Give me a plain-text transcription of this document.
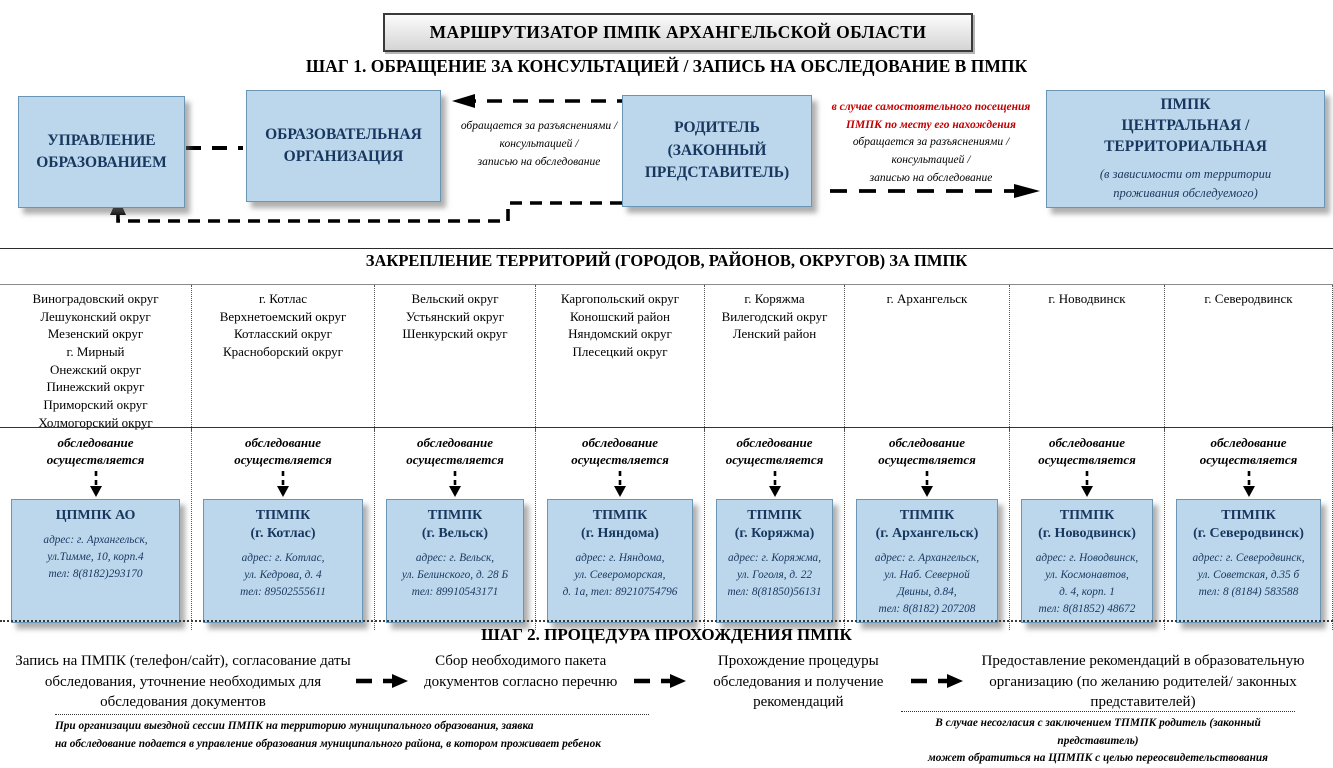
МАРШРУТИЗАТОР ПМПК АРХАНГЕЛЬСКОЙ ОБЛАСТИ
ШАГ 1. ОБРАЩЕНИЕ ЗА КОНСУЛЬТАЦИЕЙ / ЗАПИСЬ НА ОБСЛЕДОВАНИЕ В ПМПК
УПРАВЛЕНИЕ
ОБРАЗОВАНИЕМ
ОБРАЗОВАТЕЛЬНАЯ
ОРГАНИЗАЦИЯ
обращается за разъяснениями /
консультацией /
записью на обследование
РОДИТЕЛЬ
(ЗАКОННЫЙ
ПРЕДСТАВИТЕЛЬ)
в случае самостоятельного посещения
ПМПК по месту его нахождения
обращается за разъяснениями /
консультацией /
записью на обследование
ПМПК
ЦЕНТРАЛЬНАЯ /
ТЕРРИТОРИАЛЬНАЯ
(в зависимости от территории
проживания обследуемого)
ЗАКРЕПЛЕНИЕ ТЕРРИТОРИЙ (ГОРОДОВ, РАЙОНОВ, ОКРУГОВ) ЗА ПМПК
Виноградовский округ
Лешуконский округ
Мезенский округ
г. Мирный
Онежский округ
Пинежский округ
Приморский округ
Холмогорский округ
г. Котлас
Верхнетоемский округ
Котласский округ
Красноборский округ
Вельский округ
Устьянский округ
Шенкурский округ
Каргопольский округ
Коношский район
Няндомский округ
Плесецкий округ
г. Коряжма
Вилегодский округ
Ленский район
г. Архангельск	г. Новодвинск	г. Северодвинск
обследование
осуществляется
ЦПМПК АО
адрес: г. Архангельск,
ул.Тимме, 10, корп.4
тел: 8(8182)293170
обследование
осуществляется
ТПМПК
(г. Котлас)
адрес: г. Котлас,
ул. Кедрова, д. 4
тел: 89502555611
обследование
осуществляется
ТПМПК
(г. Вельск)
адрес: г. Вельск,
ул. Белинского, д. 28 Б
тел: 89910543171
обследование
осуществляется
ТПМПК
(г. Няндома)
адрес: г. Няндома,
ул. Североморская,
д. 1а, тел: 89210754796
обследование
осуществляется
ТПМПК
(г. Коряжма)
адрес: г. Коряжма,
ул. Гоголя, д. 22
тел: 8(81850)56131
обследование
осуществляется
ТПМПК
(г. Архангельск)
адрес: г. Архангельск,
ул. Наб. Северной
Двины, д.84,
тел: 8(8182) 207208
обследование
осуществляется
ТПМПК
(г. Новодвинск)
адрес: г. Новодвинск,
ул. Космонавтов,
д. 4, корп. 1
тел: 8(81852) 48672
обследование
осуществляется
ТПМПК
(г. Северодвинск)
адрес: г. Северодвинск,
ул. Советская, д.35 б
тел: 8 (8184) 583588
ШАГ 2. ПРОЦЕДУРА ПРОХОЖДЕНИЯ ПМПК
Запись на ПМПК (телефон/сайт), согласование даты обследования, уточнение необходимых для обследования документов
Сбор необходимого пакета документов согласно перечню
Прохождение процедуры обследования и получение рекомендаций
Предоставление рекомендаций в образовательную организацию (по желанию родителей/ законных представителей)
При организации выездной сессии ПМПК на территорию муниципального образования, заявка
на обследование подается в управление образования муниципального района, в котором проживает ребенок
В случае несогласия с заключением ТПМПК родитель (законный представитель)
может обратиться на ЦПМПК с целью переосвидетельствования
